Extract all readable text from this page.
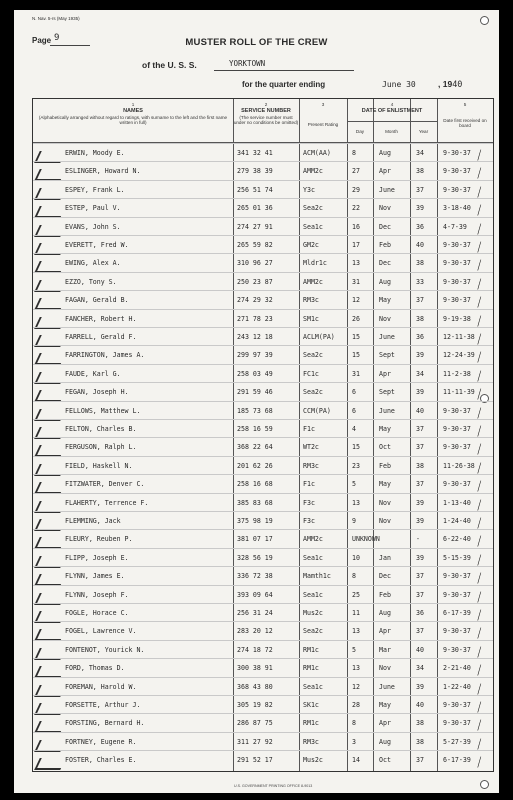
N. Nav. 5-rs (May 1935)
Page 9	MUSTER ROLL OF THE CREW
of the U. S. S.	YORKTOWN
for the quarter ending	June 30	, 1940
1
NAMES
(Alphabetically arranged without regard to ratings, with surname to the left and the first name written in full)
2
SERVICE NUMBER
(The service number must under no conditions be omitted)
3
Present Rating
4
DATE OF ENLISTMENT
Day	Month	Year
5
Date first received on board
ERWIN, Moody E.	341 32 41	ACM(AA)	8	Aug	34	9-30-37 ∕
ESLINGER, Howard N.	279 38 39	AMM2c	27	Apr	38	9-30-37 ∕
ESPEY, Frank L.	256 51 74	Y3c	29	June	37	9-30-37 ∕
ESTEP, Paul V.	265 01 36	Sea2c	22	Nov	39	3-18-40 ∕
EVANS, John S.	274 27 91	Sea1c	16	Dec	36	4-7-39 ∕
EVERETT, Fred W.	265 59 82	GM2c	17	Feb	40	9-30-37 ∕
EWING, Alex A.	310 96 27	Mldr1c	13	Dec	38	9-30-37 ∕
EZZO, Tony S.	250 23 87	AMM2c	31	Aug	33	9-30-37 ∕
FAGAN, Gerald B.	274 29 32	RM3c	12	May	37	9-30-37 ∕
FANCHER, Robert H.	271 78 23	SM1c	26	Nov	38	9-19-38 ∕
FARRELL, Gerald F.	243 12 18	ACLM(PA)	15	June	36	12-11-38 ∕
FARRINGTON, James A.	299 97 39	Sea2c	15	Sept	39	12-24-39 ∕
FAUDE, Karl G.	258 03 49	FC1c	31	Apr	34	11-2-38 ∕
FEGAN, Joseph H.	291 59 46	Sea2c	6	Sept	39	11-11-39 ∕
FELLOWS, Matthew L.	185 73 68	CCM(PA)	6	June	40	9-30-37 ∕
FELTON, Charles B.	258 16 59	F1c	4	May	37	9-30-37 ∕
FERGUSON, Ralph L.	368 22 64	WT2c	15	Oct	37	9-30-37 ∕
FIELD, Haskell N.	201 62 26	RM3c	23	Feb	38	11-26-38 ∕
FITZWATER, Denver C.	258 16 68	F1c	5	May	37	9-30-37 ∕
FLAHERTY, Terrence F.	385 83 68	F3c	13	Nov	39	1-13-40 ∕
FLEMMING, Jack	375 98 19	F3c	9	Nov	39	1-24-40 ∕
FLEURY, Reuben P.	381 07 17	AMM2c	UNKNOWN	-	6-22-40 ∕
FLIPP, Joseph E.	328 56 19	Sea1c	10	Jan	39	5-15-39 ∕
FLYNN, James E.	336 72 38	Mamth1c	8	Dec	37	9-30-37 ∕
FLYNN, Joseph F.	393 09 64	Sea1c	25	Feb	37	9-30-37 ∕
FOGLE, Horace C.	256 31 24	Mus2c	11	Aug	36	6-17-39 ∕
FOGEL, Lawrence V.	283 20 12	Sea2c	13	Apr	37	9-30-37 ∕
FONTENOT, Yourick N.	274 18 72	RM1c	5	Mar	40	9-30-37 ∕
FORD, Thomas D.	300 38 91	RM1c	13	Nov	34	2-21-40 ∕
FOREMAN, Harold W.	368 43 80	Sea1c	12	June	39	1-22-40 ∕
FORSETTE, Arthur J.	305 19 82	SK1c	28	May	40	9-30-37 ∕
FORSTING, Bernard H.	286 87 75	RM1c	8	Apr	38	9-30-37 ∕
FORTNEY, Eugene R.	311 27 92	RM3c	3	Aug	38	5-27-39 ∕
FOSTER, Charles E.	291 52 17	Mus2c	14	Oct	37	6-17-39 ∕
U.S. GOVERNMENT PRINTING OFFICE 8-9013
